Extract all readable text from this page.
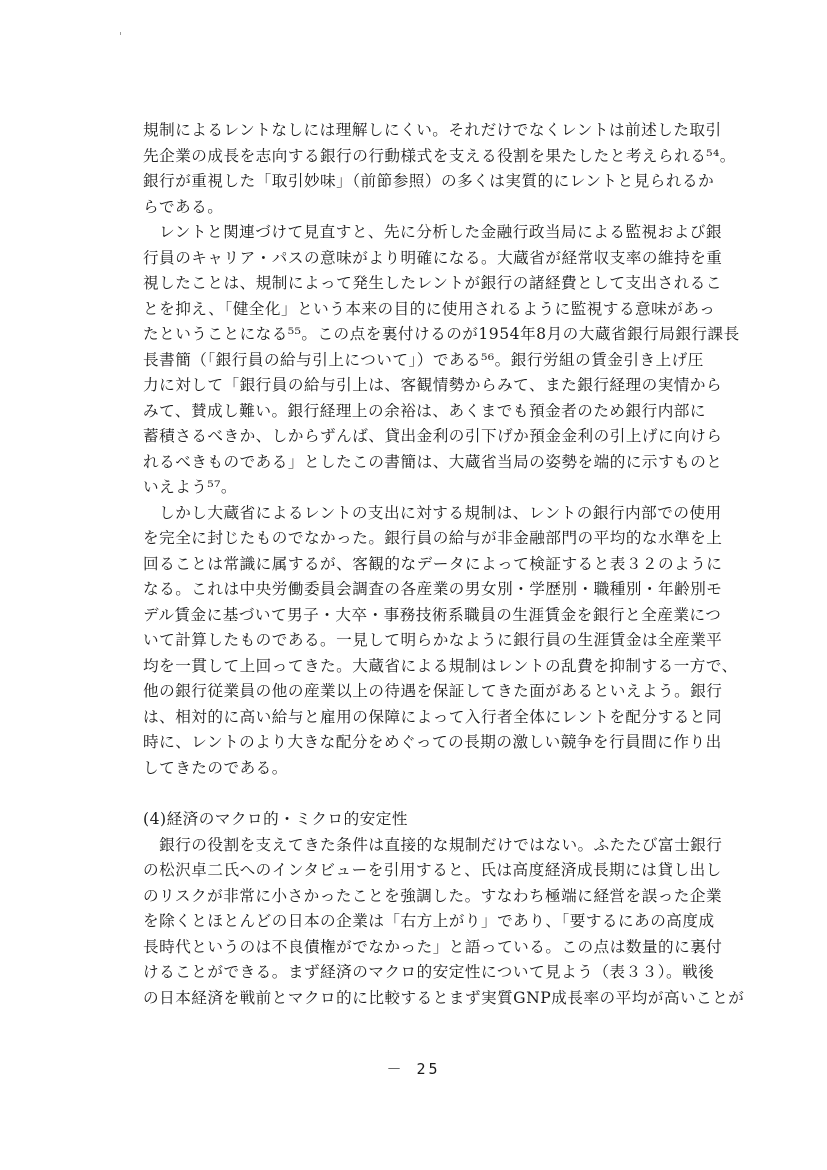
規制によるレントなしには理解しにくい。それだけでなくレントは前述した取引
先企業の成長を志向する銀行の行動様式を支える役割を果たしたと考えられる⁵⁴。
銀行が重視した「取引妙味」（前節参照）の多くは実質的にレントと見られるか
らである。
　レントと関連づけて見直すと、先に分析した金融行政当局による監視および銀
行員のキャリア・パスの意味がより明確になる。大蔵省が経常収支率の維持を重
視したことは、規制によって発生したレントが銀行の諸経費として支出されるこ
とを抑え、「健全化」という本来の目的に使用されるように監視する意味があっ
たということになる⁵⁵。この点を裏付けるのが1954年8月の大蔵省銀行局銀行課長
長書簡（「銀行員の給与引上について」）である⁵⁶。銀行労組の賃金引き上げ圧
力に対して「銀行員の給与引上は、客観情勢からみて、また銀行経理の実情から
みて、賛成し難い。銀行経理上の余裕は、あくまでも預金者のため銀行内部に
蓄積さるべきか、しからずんば、貸出金利の引下げか預金金利の引上げに向けら
れるべきものである」としたこの書簡は、大蔵省当局の姿勢を端的に示すものと
いえよう⁵⁷。
　しかし大蔵省によるレントの支出に対する規制は、レントの銀行内部での使用
を完全に封じたものでなかった。銀行員の給与が非金融部門の平均的な水準を上
回ることは常識に属するが、客観的なデータによって検証すると表３２のように
なる。これは中央労働委員会調査の各産業の男女別・学歴別・職種別・年齢別モ
デル賃金に基づいて男子・大卒・事務技術系職員の生涯賃金を銀行と全産業につ
いて計算したものである。一見して明らかなように銀行員の生涯賃金は全産業平
均を一貫して上回ってきた。大蔵省による規制はレントの乱費を抑制する一方で、
他の銀行従業員の他の産業以上の待遇を保証してきた面があるといえよう。銀行
は、相対的に高い給与と雇用の保障によって入行者全体にレントを配分すると同
時に、レントのより大きな配分をめぐっての長期の激しい競争を行員間に作り出
してきたのである。
(4)経済のマクロ的・ミクロ的安定性
　銀行の役割を支えてきた条件は直接的な規制だけではない。ふたたび富士銀行
の松沢卓二氏へのインタビューを引用すると、氏は高度経済成長期には貸し出し
のリスクが非常に小さかったことを強調した。すなわち極端に経営を誤った企業
を除くとほとんどの日本の企業は「右方上がり」であり、「要するにあの高度成
長時代というのは不良債権がでなかった」と語っている。この点は数量的に裏付
けることができる。まず経済のマクロ的安定性について見よう（表３３）。戦後
の日本経済を戦前とマクロ的に比較するとまず実質GNP成長率の平均が高いことが
－ 25
